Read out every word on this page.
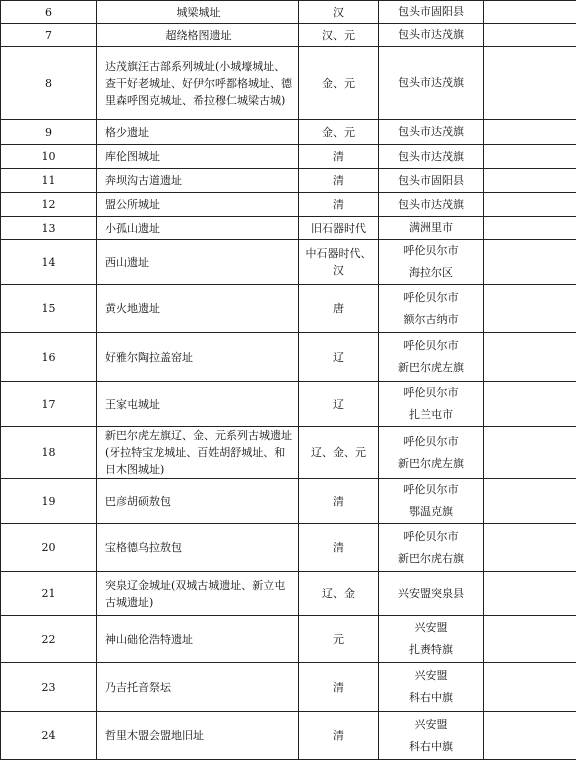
6	城梁城址	汉	包头市固阳县	

7	超绕格图遗址	汉、元	包头市达茂旗	

8	达茂旗汪古部系列城址(小城壕城址、查干好老城址、好伊尔呼都格城址、德里森呼图克城址、希拉穆仁城梁古城)	金、元	包头市达茂旗	

9	格少遗址	金、元	包头市达茂旗	

10	库伦图城址	清	包头市达茂旗	

11	奔坝沟古道遗址	清	包头市固阳县	

12	盟公所城址	清	包头市达茂旗	

13	小孤山遗址	旧石器时代	满洲里市	

14	西山遗址	中石器时代、汉	呼伦贝尔市
海拉尔区	

15	黄火地遗址	唐	呼伦贝尔市
额尔古纳市	

16	好雅尔陶拉盖窑址	辽	呼伦贝尔市
新巴尔虎左旗	

17	王家屯城址	辽	呼伦贝尔市
扎兰屯市	

18	新巴尔虎左旗辽、金、元系列古城遗址(牙拉特宝龙城址、百姓胡舒城址、和日木图城址)	辽、金、元	呼伦贝尔市
新巴尔虎左旗	

19	巴彦胡硕敖包	清	呼伦贝尔市
鄂温克旗	

20	宝格德乌拉敖包	清	呼伦贝尔市
新巴尔虎右旗	

21	突泉辽金城址(双城古城遗址、新立屯古城遗址)	辽、金	兴安盟突泉县	

22	神山础伦浩特遗址	元	兴安盟
扎赉特旗	

23	乃吉托音祭坛	清	兴安盟
科右中旗	

24	哲里木盟会盟地旧址	清	兴安盟
科右中旗	
